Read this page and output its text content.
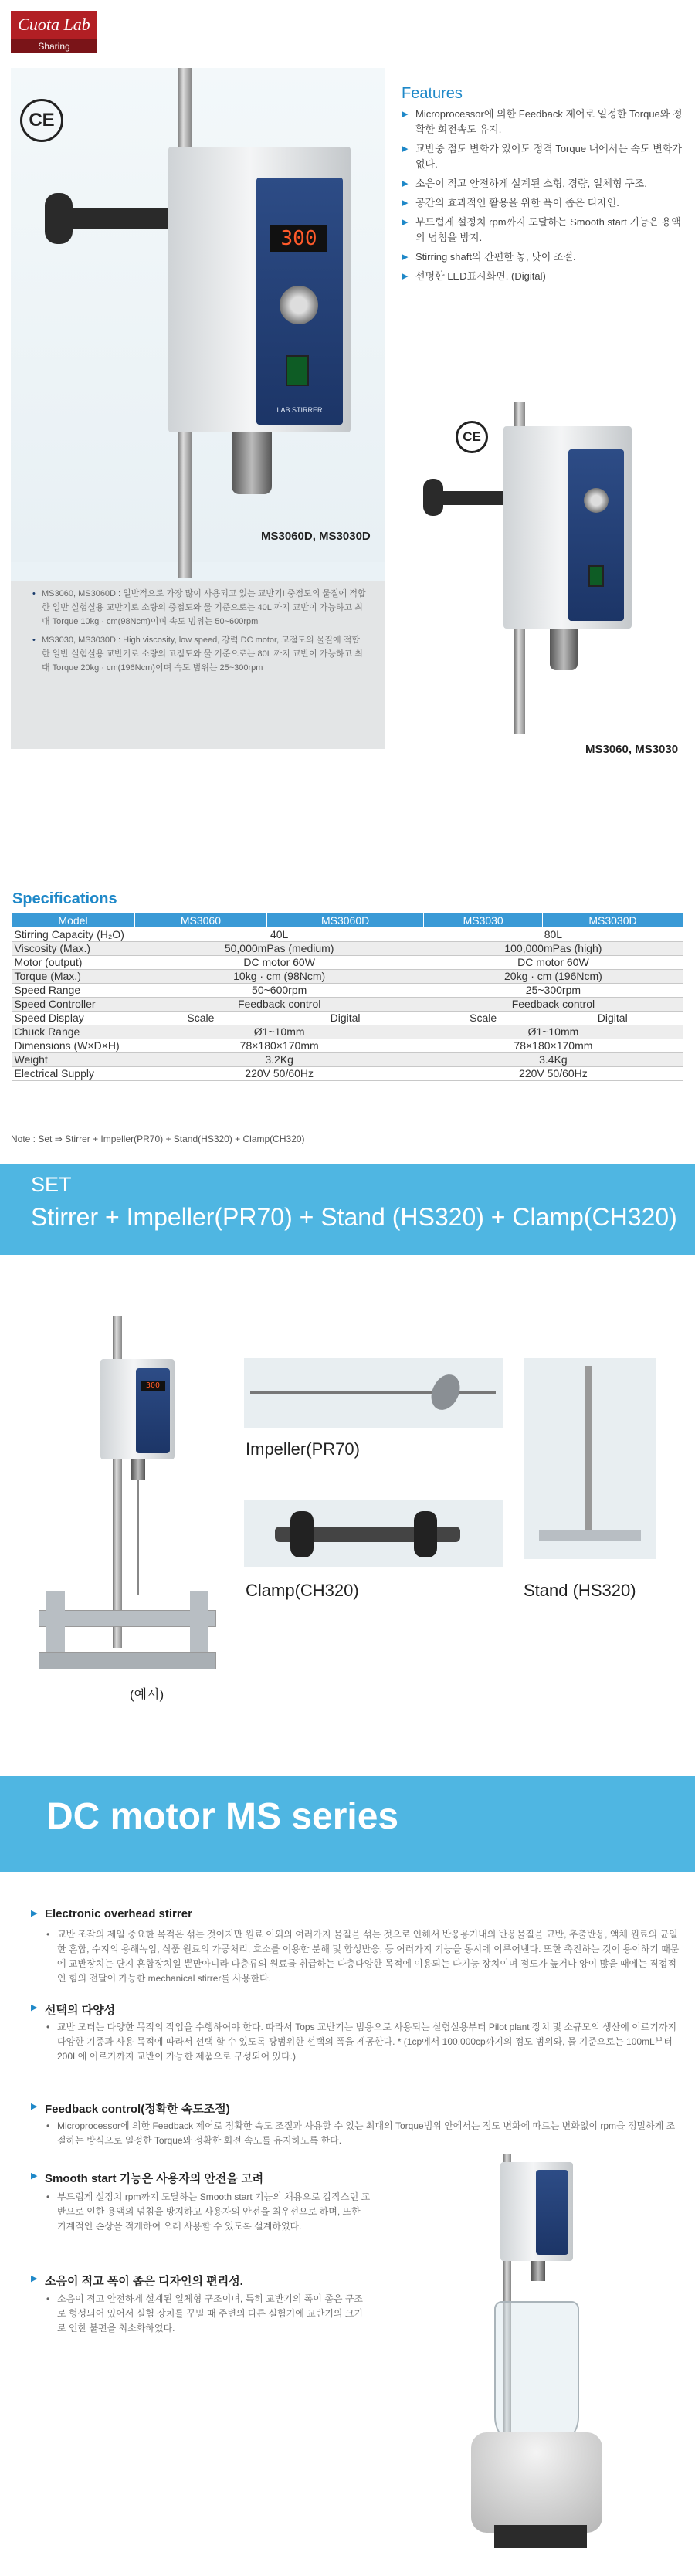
Cuota Lab
Sharing
CE
300
LAB STIRRER
MS3060D, MS3030D
• MS3060, MS3060D : 일반적으로 가장 많이 사용되고 있는 교반기! 중점도의 물질에 적합한 일반 실험실용 교반기로 소량의 중점도와 물 기준으로는 40L 까지 교반이 가능하고 최대 Torque 10kg · cm(98Ncm)이며 속도 범위는 50~600rpm
• MS3030, MS3030D : High viscosity, low speed, 강력 DC motor, 고점도의 물질에 적합한 일반 실험실용 교반기로 소량의 고점도와 물 기준으로는 80L 까지 교반이 가능하고 최대 Torque 20kg · cm(196Ncm)이며 속도 범위는 25~300rpm
Features
▶ Microprocessor에 의한 Feedback 제어로 일정한 Torque와 정확한 회전속도 유지.
▶ 교반중 점도 변화가 있어도 정격 Torque 내에서는 속도 변화가 없다.
▶ 소음이 적고 안전하게 설계된 소형, 경량, 일체형 구조.
▶ 공간의 효과적인 활용을 위한 폭이 좁은 디자인.
▶ 부드럽게 설정치 rpm까지 도달하는 Smooth start 기능은 용액의 넘침을 방지.
▶ Stirring shaft의 간편한 놓, 낫이 조절.
▶ 선명한 LED표시화면. (Digital)
CE
MS3060, MS3030
Specifications
Model	MS3060	MS3060D	MS3030	MS3030D
Stirring Capacity (H₂O)	40L		80L	
Viscosity (Max.)	50,000mPas (medium)		100,000mPas (high)	
Motor (output)	DC motor 60W		DC motor 60W	
Torque (Max.)	10kg · cm (98Ncm)		20kg · cm (196Ncm)	
Speed Range	50~600rpm		25~300rpm	
Speed Controller	Feedback control		Feedback control	
Speed Display	Scale	Digital	Scale	Digital
Chuck Range	Ø1~10mm		Ø1~10mm	
Dimensions (W×D×H)	78×180×170mm		78×180×170mm	
Weight	3.2Kg		3.4Kg	
Electrical Supply	220V 50/60Hz		220V 50/60Hz	
Note : Set ⇒ Stirrer + Impeller(PR70) + Stand(HS320) + Clamp(CH320)
SET
Stirrer + Impeller(PR70) + Stand (HS320) + Clamp(CH320)
300
(예시)
Impeller(PR70)
Clamp(CH320)	Stand (HS320)
DC motor MS series
▶ Electronic overhead stirrer
• 교반 조작의 제일 중요한 목적은 섞는 것이지만 원료 이외의 여러가지 물질을 섞는 것으로 인해서 반응용기내의 반응물질을 교반, 추출반응, 액체 원료의 균일한 혼합, 수지의 용해녹임, 식품 원료의 가공처리, 효소를 이용한 분해 및 합성반응, 등 여러가지 기능을 동시에 이루어낸다. 또한 촉진하는 것이 용이하기 때문에 교반장치는 단지 혼합장치일 뿐만아니라 다층류의 원료를 취급하는 다층다양한 목적에 이용되는 다기능 장치이며 점도가 높거나 양이 많을 때에는 직접적인 힘의 전달이 가능한 mechanical stirrer를 사용한다.
▶ 선택의 다양성
• 교반 모터는 다양한 목적의 작업을 수행하여야 한다. 따라서 Tops 교반기는 범용으로 사용되는 실험실용부터 Pilot plant 장치 및 소규모의 생산에 이르기까지 다양한 기종과 사용 목적에 따라서 선택 할 수 있도록 광범위한 선택의 폭을 제공한다. * (1cp에서 100,000cp까지의 점도 범위와, 물 기준으로는 100mL부터 200L에 이르기까지 교반이 가능한 제품으로 구성되어 있다.)
▶ Feedback control(정확한 속도조절)
• Microprocessor에 의한 Feedback 제어로 정확한 속도 조절과 사용할 수 있는 최대의 Torque범위 안에서는 점도 변화에 따르는 변화없이 rpm을 정밀하게 조절하는 방식으로 일정한 Torque와 정확한 회전 속도를 유지하도록 한다.
▶ Smooth start 기능은 사용자의 안전을 고려
• 부드럽게 설정치 rpm까지 도달하는 Smooth start 기능의 채용으로 갑작스런 교반으로 인한 용액의 넘침을 방지하고 사용자의 안전을 최우선으로 하며, 또한 기계적인 손상을 적게하여 오래 사용할 수 있도록 설계하였다.
▶ 소음이 적고 폭이 좁은 디자인의 편리성.
• 소음이 적고 안전하게 설계된 일체형 구조이며, 특히 교반기의 폭이 좁은 구조로 형성되어 있어서 실험 장치를 꾸밀 때 주변의 다른 실험기에 교반기의 크기로 인한 불편을 최소화하였다.
